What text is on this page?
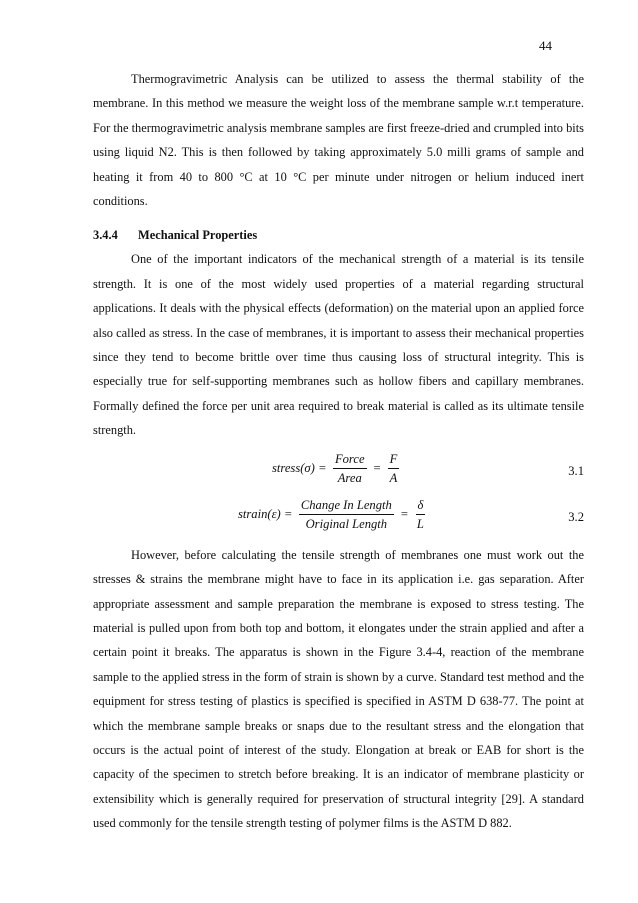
44

Thermogravimetric Analysis can be utilized to assess the thermal stability of the membrane. In this method we measure the weight loss of the membrane sample w.r.t temperature. For the thermogravimetric analysis membrane samples are first freeze-dried and crumpled into bits using liquid N2. This is then followed by taking approximately 5.0 milli grams of sample and heating it from 40 to 800 °C at 10 °C per minute under nitrogen or helium induced inert conditions.

3.4.4	Mechanical Properties

One of the important indicators of the mechanical strength of a material is its tensile strength. It is one of the most widely used properties of a material regarding structural applications. It deals with the physical effects (deformation) on the material upon an applied force also called as stress. In the case of membranes, it is important to assess their mechanical properties since they tend to become brittle over time thus causing loss of structural integrity. This is especially true for self-supporting membranes such as hollow fibers and capillary membranes. Formally defined the force per unit area required to break material is called as its ultimate tensile strength.

stress(σ) = $\frac{\text{Force}}{\text{Area}} = \frac{F}{A}$	3.1
strain(ε) = $\frac{\text{Change In Length}}{\text{Original Length}} = \frac{\delta}{L}$	3.2

However, before calculating the tensile strength of membranes one must work out the stresses & strains the membrane might have to face in its application i.e. gas separation. After appropriate assessment and sample preparation the membrane is exposed to stress testing. The material is pulled upon from both top and bottom, it elongates under the strain applied and after a certain point it breaks. The apparatus is shown in the Figure 3.4-4, reaction of the membrane sample to the applied stress in the form of strain is shown by a curve. Standard test method and the equipment for stress testing of plastics is specified is specified in ASTM D 638-77. The point at which the membrane sample breaks or snaps due to the resultant stress and the elongation that occurs is the actual point of interest of the study. Elongation at break or EAB for short is the capacity of the specimen to stretch before breaking. It is an indicator of membrane plasticity or extensibility which is generally required for preservation of structural integrity [29]. A standard used commonly for the tensile strength testing of polymer films is the ASTM D 882.
